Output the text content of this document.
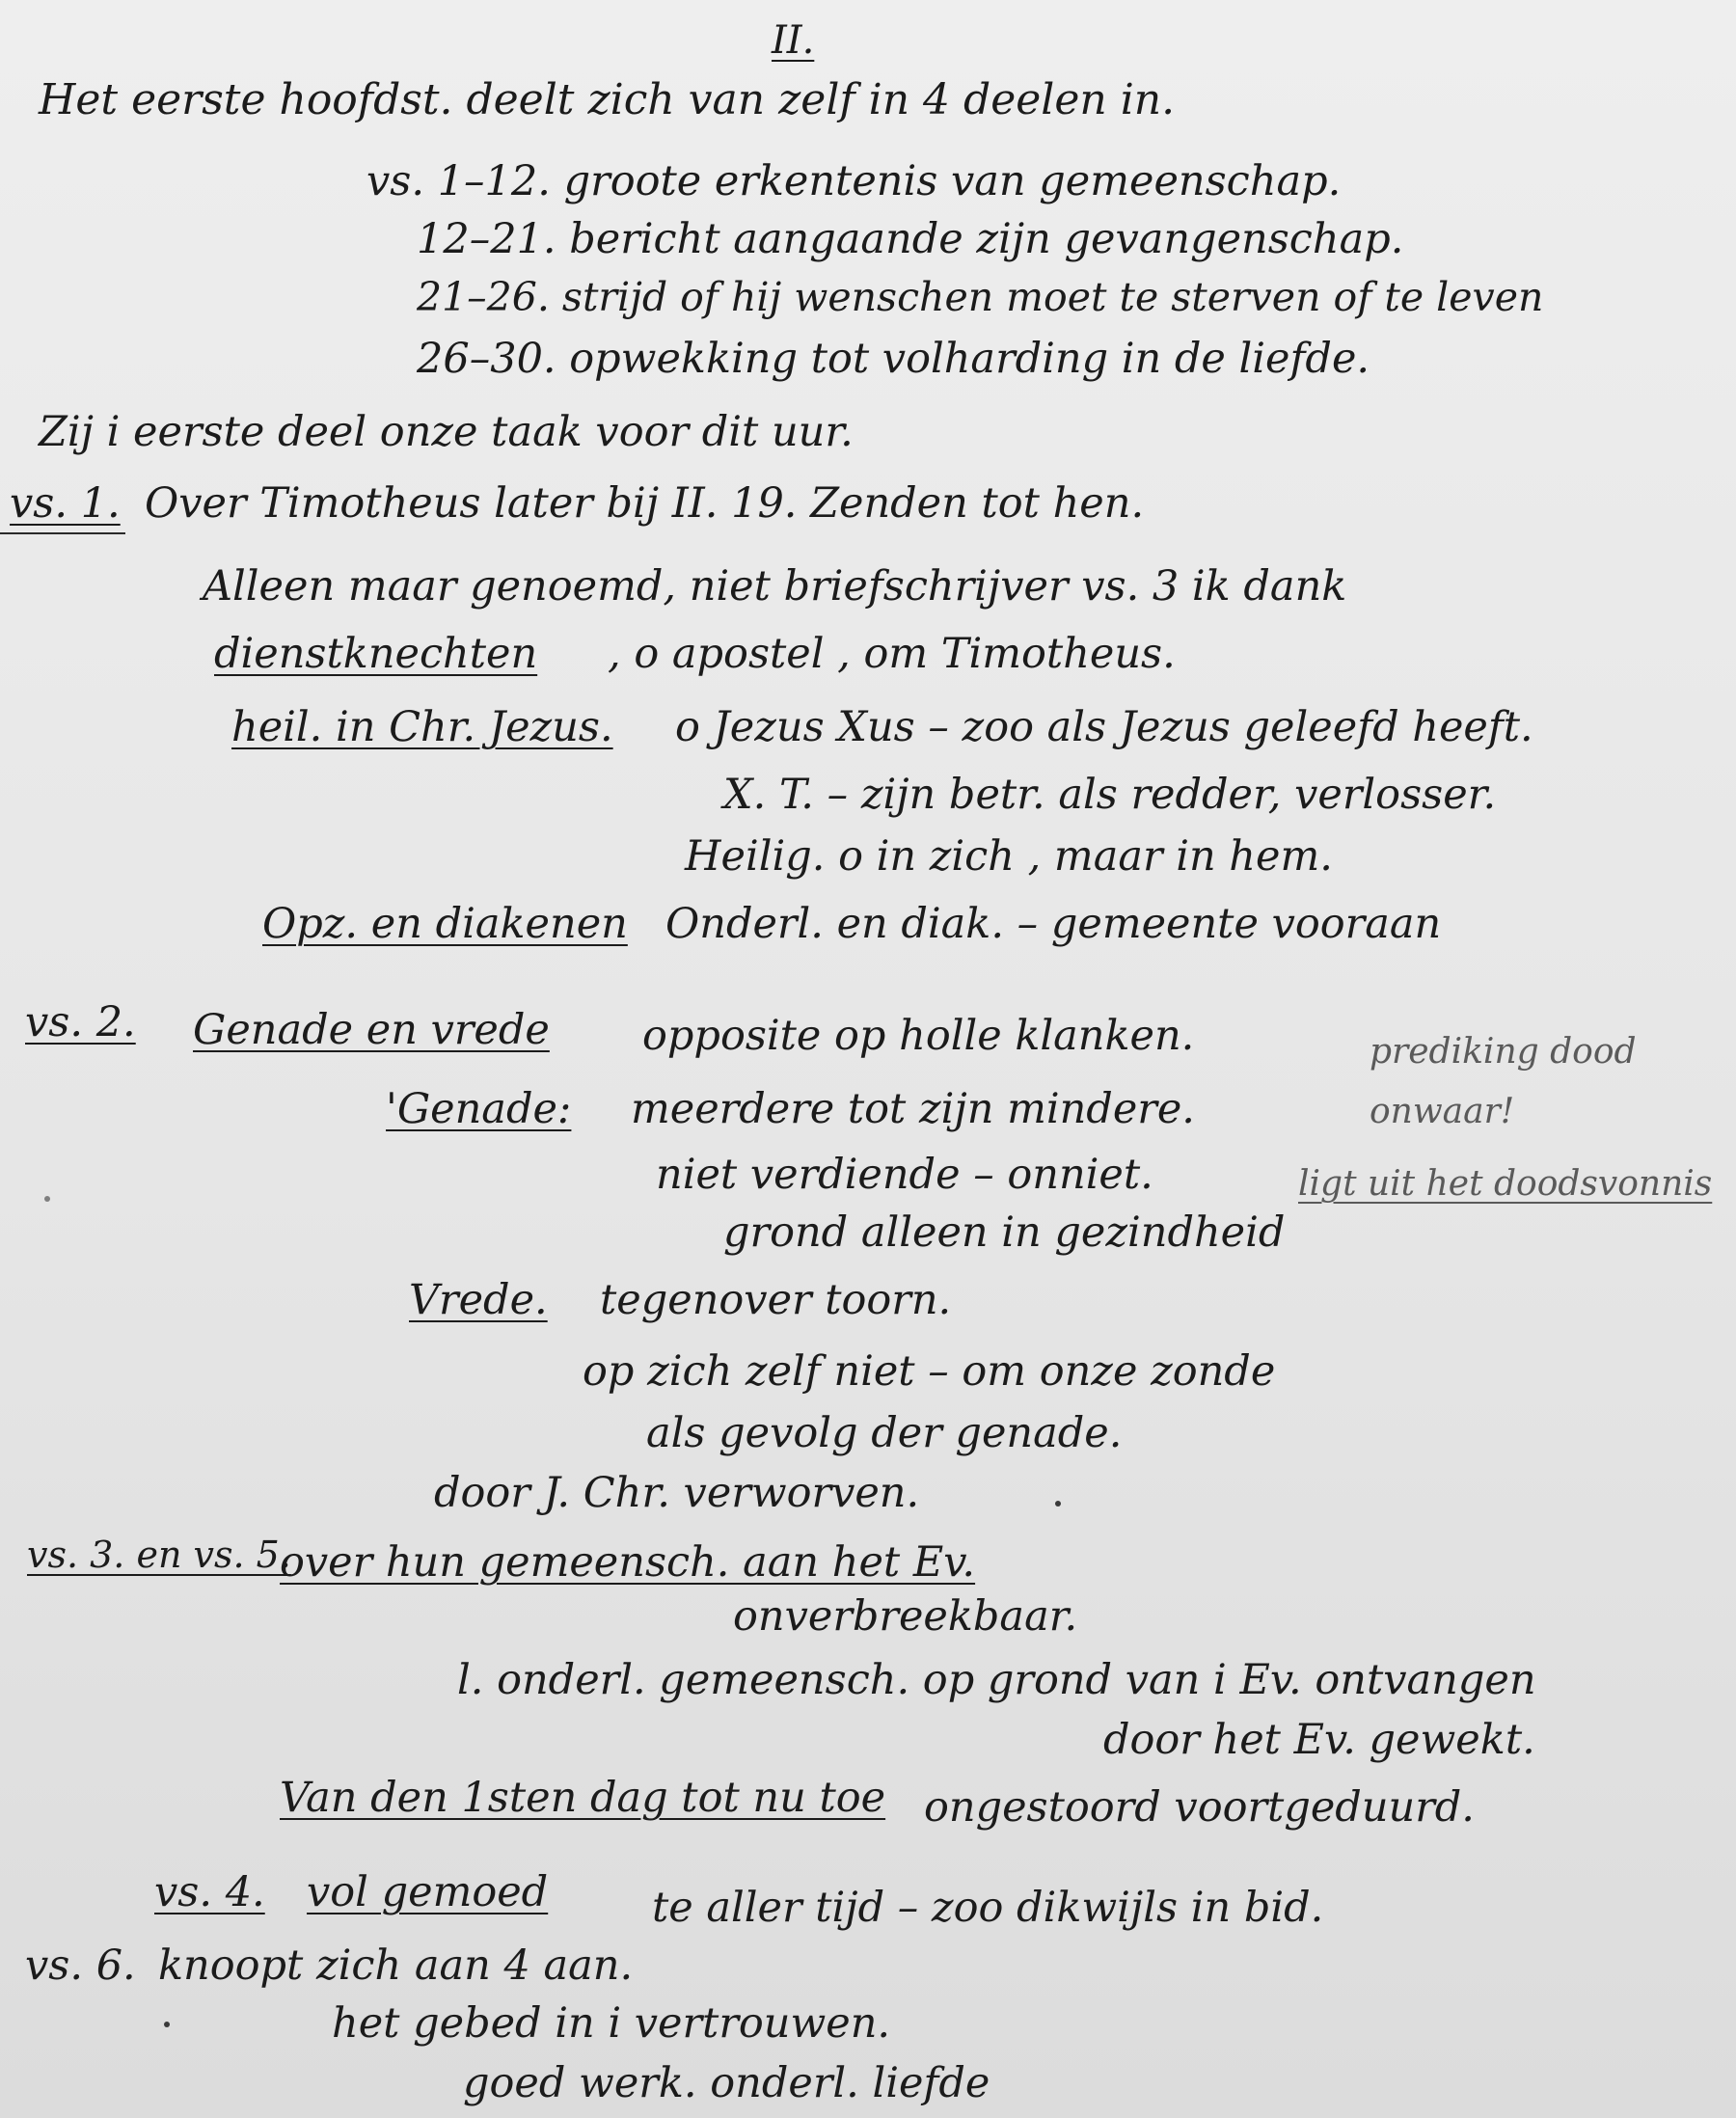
II.
Het eerste hoofdst. deelt zich van zelf in 4 deelen in.
vs. 1–12. groote erkentenis van gemeenschap.
12–21. bericht aangaande zijn gevangenschap.
21–26. strijd of hij wenschen moet te sterven of te leven
26–30. opwekking tot volharding in de liefde.
Zij i eerste deel onze taak voor dit uur.
vs. 1. Over Timotheus later bij II. 19. Zenden tot hen.
Alleen maar genoemd, niet briefschrijver vs. 3 ik dank
dienstknechten , o apostel , om Timotheus.
heil. in Chr. Jezus. o Jezus Xus – zoo als Jezus geleefd heeft.
X. T. – zijn betr. als redder, verlosser.
Heilig. o in zich , maar in hem.
Opz. en diakenen Onderl. en diak. – gemeente vooraan
vs. 2. Genade en vrede opposite op holle klanken.	prediking dood onwaar!
'Genade: meerdere tot zijn mindere.
niet verdiende – onniet.	ligt uit het doodsvonnis
grond alleen in gezindheid
Vrede. tegenover toorn.
op zich zelf niet – om onze zonde
als gevolg der genade.
door J. Chr. verworven.
vs. 3. en vs. 5.
over hun gemeensch. aan het Ev.
onverbreekbaar.
l. onderl. gemeensch. op grond van i Ev. ontvangen
door het Ev. gewekt.
Van den 1sten dag tot nu toe ongestoord voortgeduurd.
vs. 4. vol gemoed	te aller tijd – zoo dikwijls in bid.
vs. 6. knoopt zich aan 4 aan.
het gebed in i vertrouwen.
goed werk. onderl. liefde
